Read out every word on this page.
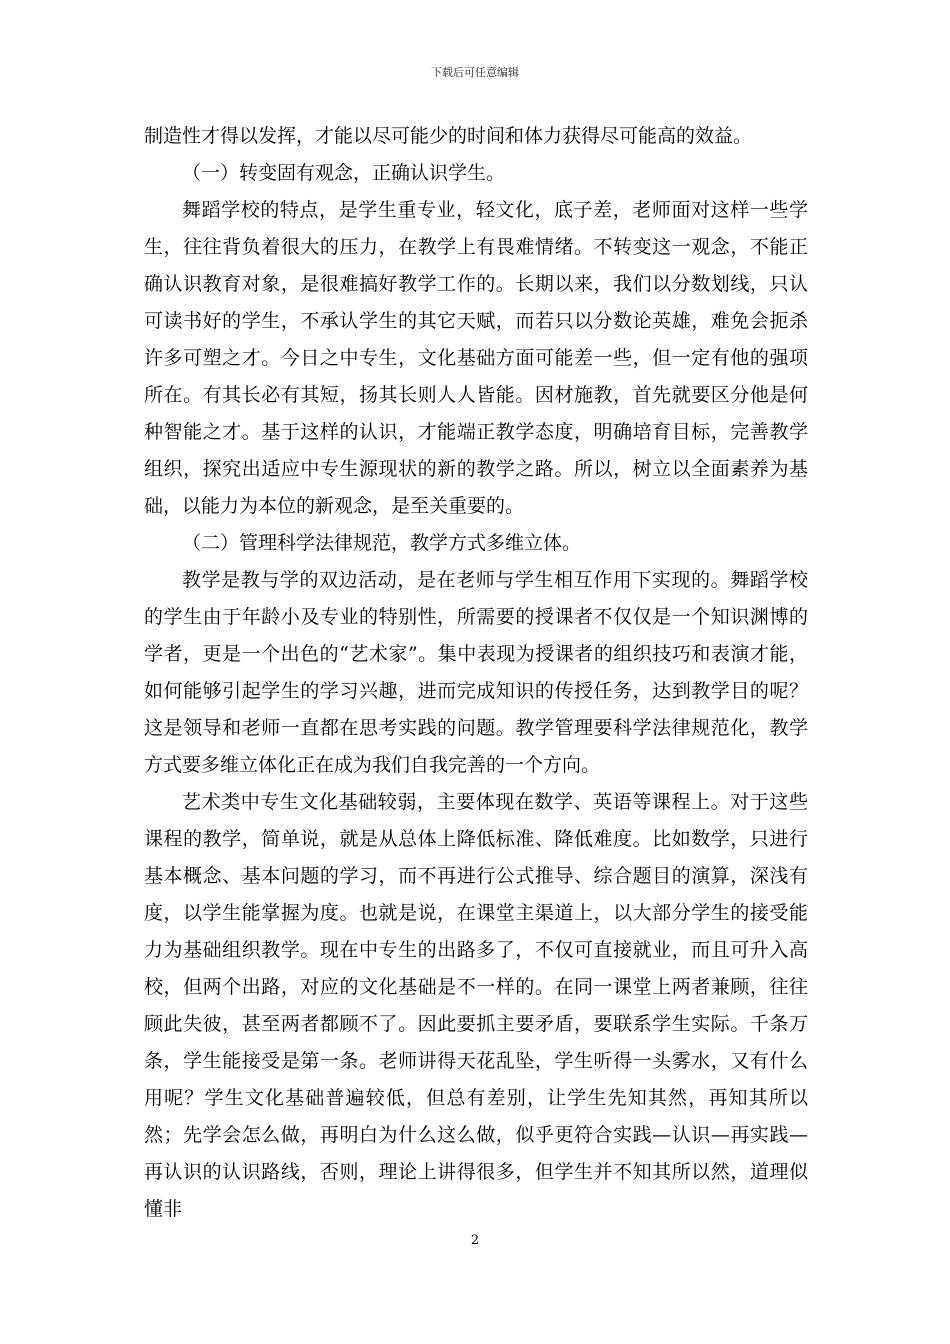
下载后可任意编辑

制造性才得以发挥，才能以尽可能少的时间和体力获得尽可能高的效益。

（一）转变固有观念，正确认识学生。

舞蹈学校的特点，是学生重专业，轻文化，底子差，老师面对这样一些学生，往往背负着很大的压力，在教学上有畏难情绪。不转变这一观念，不能正确认识教育对象，是很难搞好教学工作的。长期以来，我们以分数划线，只认可读书好的学生，不承认学生的其它天赋，而若只以分数论英雄，难免会扼杀许多可塑之才。今日之中专生，文化基础方面可能差一些，但一定有他的强项所在。有其长必有其短，扬其长则人人皆能。因材施教，首先就要区分他是何种智能之才。基于这样的认识，才能端正教学态度，明确培育目标，完善教学组织，探究出适应中专生源现状的新的教学之路。所以，树立以全面素养为基础，以能力为本位的新观念，是至关重要的。

（二）管理科学法律规范，教学方式多维立体。

教学是教与学的双边活动，是在老师与学生相互作用下实现的。舞蹈学校的学生由于年龄小及专业的特别性，所需要的授课者不仅仅是一个知识渊博的学者，更是一个出色的“艺术家”。集中表现为授课者的组织技巧和表演才能，如何能够引起学生的学习兴趣，进而完成知识的传授任务，达到教学目的呢？这是领导和老师一直都在思考实践的问题。教学管理要科学法律规范化，教学方式要多维立体化正在成为我们自我完善的一个方向。

艺术类中专生文化基础较弱，主要体现在数学、英语等课程上。对于这些课程的教学，简单说，就是从总体上降低标准、降低难度。比如数学，只进行基本概念、基本问题的学习，而不再进行公式推导、综合题目的演算，深浅有度，以学生能掌握为度。也就是说，在课堂主渠道上，以大部分学生的接受能力为基础组织教学。现在中专生的出路多了，不仅可直接就业，而且可升入高校，但两个出路，对应的文化基础是不一样的。在同一课堂上两者兼顾，往往顾此失彼，甚至两者都顾不了。因此要抓主要矛盾，要联系学生实际。千条万条，学生能接受是第一条。老师讲得天花乱坠，学生听得一头雾水，又有什么用呢？学生文化基础普遍较低，但总有差别，让学生先知其然，再知其所以然；先学会怎么做，再明白为什么这么做，似乎更符合实践—认识—再实践—再认识的认识路线，否则，理论上讲得很多，但学生并不知其所以然，道理似懂非

2
